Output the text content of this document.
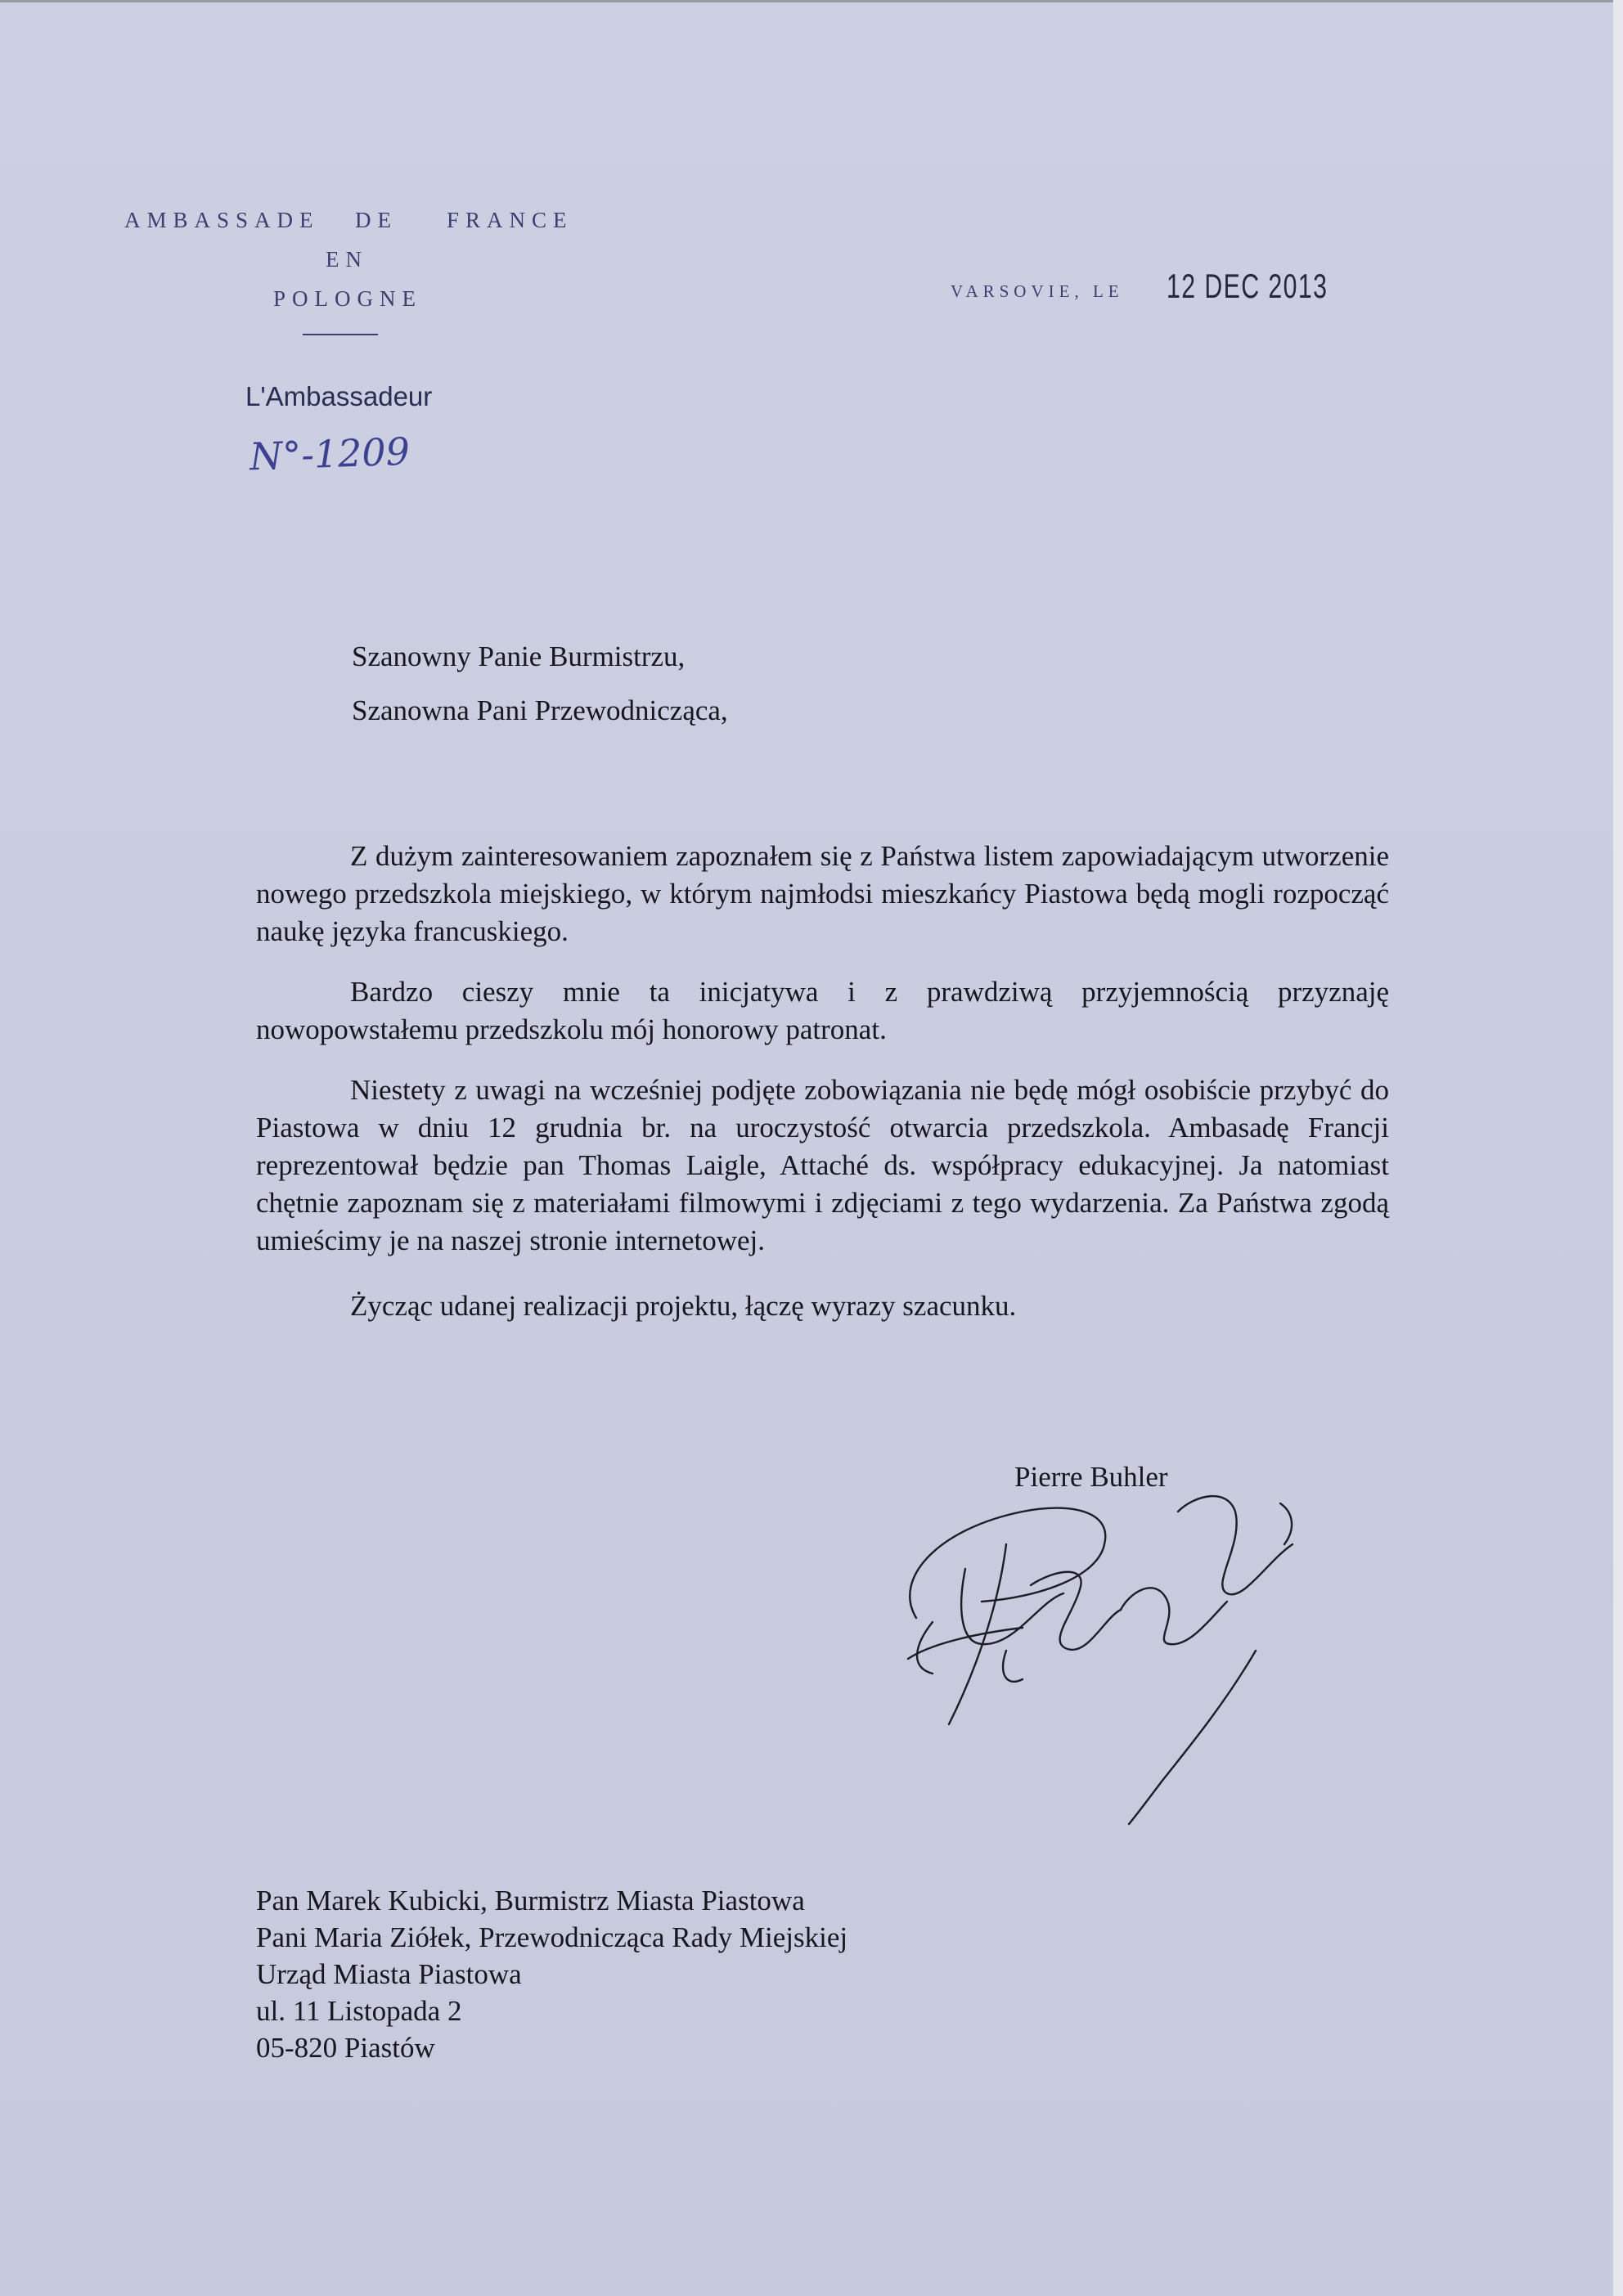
AMBASSADE DE FRANCE
EN
POLOGNE	VARSOVIE, LE 12 DEC 2013
L'Ambassadeur
N°-1209
Szanowny Panie Burmistrzu,
Szanowna Pani Przewodnicząca,
Z dużym zainteresowaniem zapoznałem się z Państwa listem zapowiadającym utworzenie nowego przedszkola miejskiego, w którym najmłodsi mieszkańcy Piastowa będą mogli rozpocząć naukę języka francuskiego.
Bardzo cieszy mnie ta inicjatywa i z prawdziwą przyjemnością przyznaję nowopowstałemu przedszkolu mój honorowy patronat.
Niestety z uwagi na wcześniej podjęte zobowiązania nie będę mógł osobiście przybyć do Piastowa w dniu 12 grudnia br. na uroczystość otwarcia przedszkola. Ambasadę Francji reprezentował będzie pan Thomas Laigle, Attaché ds. współpracy edukacyjnej. Ja natomiast chętnie zapoznam się z materiałami filmowymi i zdjęciami z tego wydarzenia. Za Państwa zgodą umieścimy je na naszej stronie internetowej.
Życząc udanej realizacji projektu, łączę wyrazy szacunku.
Pierre Buhler
Pan Marek Kubicki, Burmistrz Miasta Piastowa
Pani Maria Ziółek, Przewodnicząca Rady Miejskiej
Urząd Miasta Piastowa
ul. 11 Listopada 2
05-820 Piastów
